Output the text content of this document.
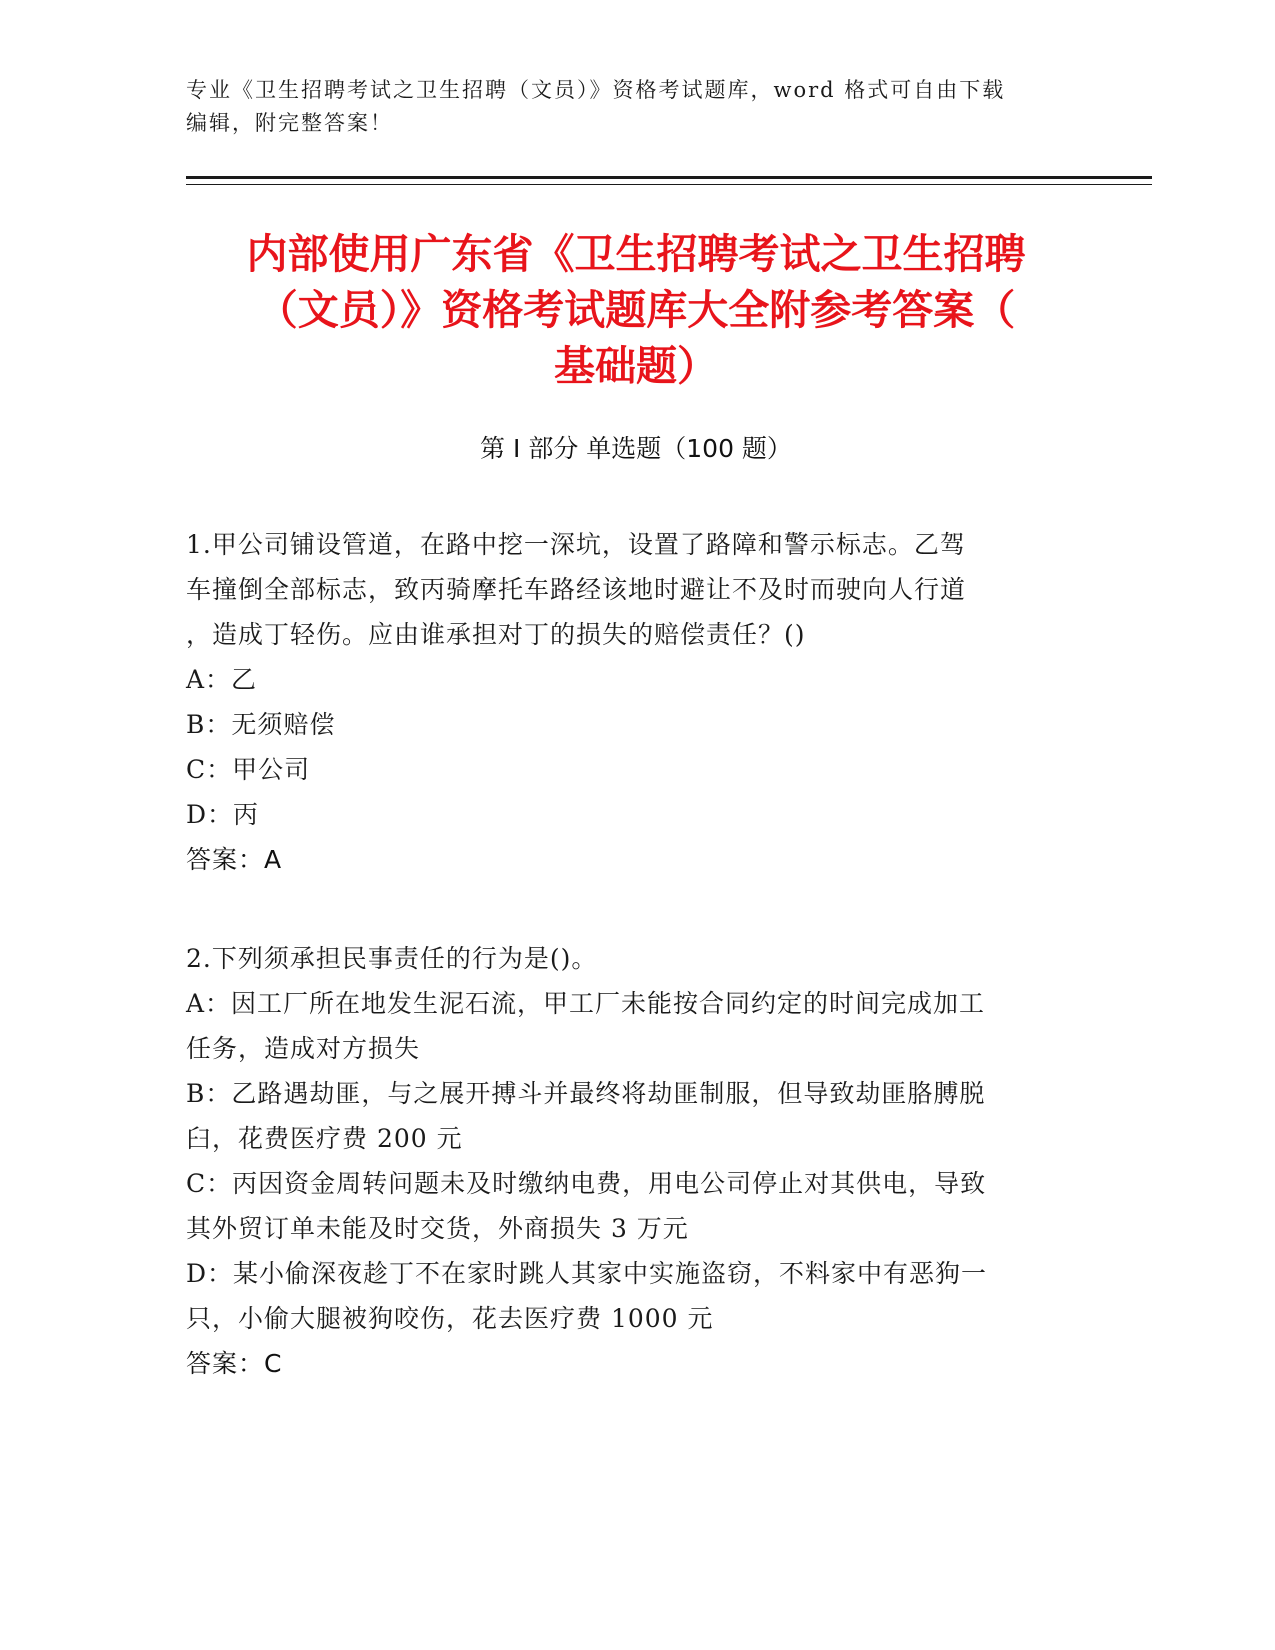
专业《卫生招聘考试之卫生招聘（文员）》资格考试题库，word 格式可自由下载
编辑，附完整答案！
内部使用广东省《卫生招聘考试之卫生招聘
（文员）》资格考试题库大全附参考答案（
基础题）
第 I 部分 单选题（100 题）

1.甲公司铺设管道，在路中挖一深坑，设置了路障和警示标志。乙驾

车撞倒全部标志，致丙骑摩托车路经该地时避让不及时而驶向人行道

，造成丁轻伤。应由谁承担对丁的损失的赔偿责任？()

A：乙

B：无须赔偿

C：甲公司

D：丙

答案：A

2.下列须承担民事责任的行为是()。

A：因工厂所在地发生泥石流，甲工厂未能按合同约定的时间完成加工

任务，造成对方损失

B：乙路遇劫匪，与之展开搏斗并最终将劫匪制服，但导致劫匪胳膊脱

臼，花费医疗费 200 元

C：丙因资金周转问题未及时缴纳电费，用电公司停止对其供电，导致

其外贸订单未能及时交货，外商损失 3 万元

D：某小偷深夜趁丁不在家时跳人其家中实施盗窃，不料家中有恶狗一

只，小偷大腿被狗咬伤，花去医疗费 1000 元

答案：C
